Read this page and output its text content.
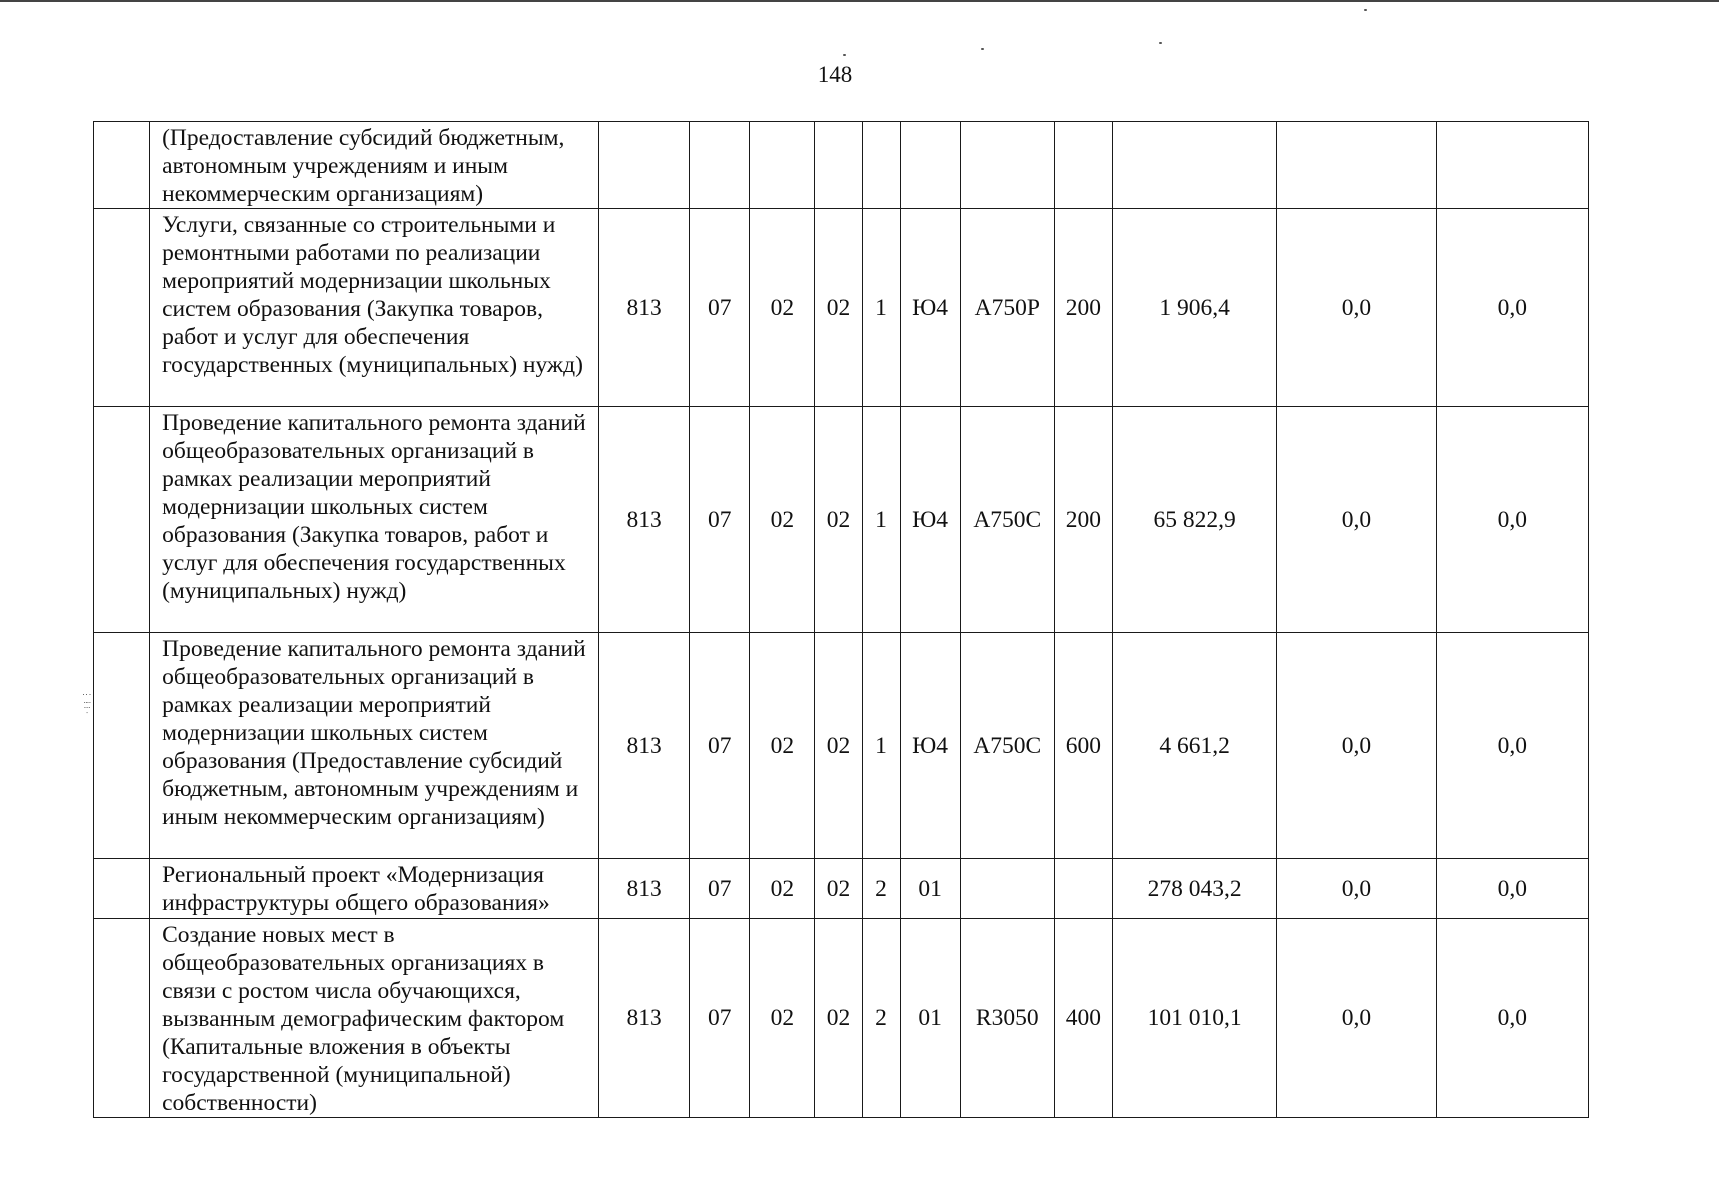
⋮ ⁞ ⁝ ·
148
	(Предоставление субсидий бюджетным, автономным учреждениям и иным некоммерческим организациям)											
	Услуги, связанные со строительными и ремонтными работами по реализации мероприятий модернизации школьных систем образования (Закупка товаров, работ и услуг для обеспечения государственных (муниципальных) нужд)	813	07	02	02	1	Ю4	А750Р	200	1 906,4	0,0	0,0
	Проведение капитального ремонта зданий общеобразовательных организаций в рамках реализации мероприятий модернизации школьных систем образования (Закупка товаров, работ и услуг для обеспечения государственных (муниципальных) нужд)	813	07	02	02	1	Ю4	А750С	200	65 822,9	0,0	0,0
	Проведение капитального ремонта зданий общеобразовательных организаций в рамках реализации мероприятий модернизации школьных систем образования (Предоставление субсидий бюджетным, автономным учреждениям и иным некоммерческим организациям)	813	07	02	02	1	Ю4	А750С	600	4 661,2	0,0	0,0
	Региональный проект «Модернизация инфраструктуры общего образования»	813	07	02	02	2	01			278 043,2	0,0	0,0
	Создание новых мест в общеобразовательных организациях в связи с ростом числа обучающихся, вызванным демографическим фактором (Капитальные вложения в объекты государственной (муниципальной) собственности)	813	07	02	02	2	01	R3050	400	101 010,1	0,0	0,0
